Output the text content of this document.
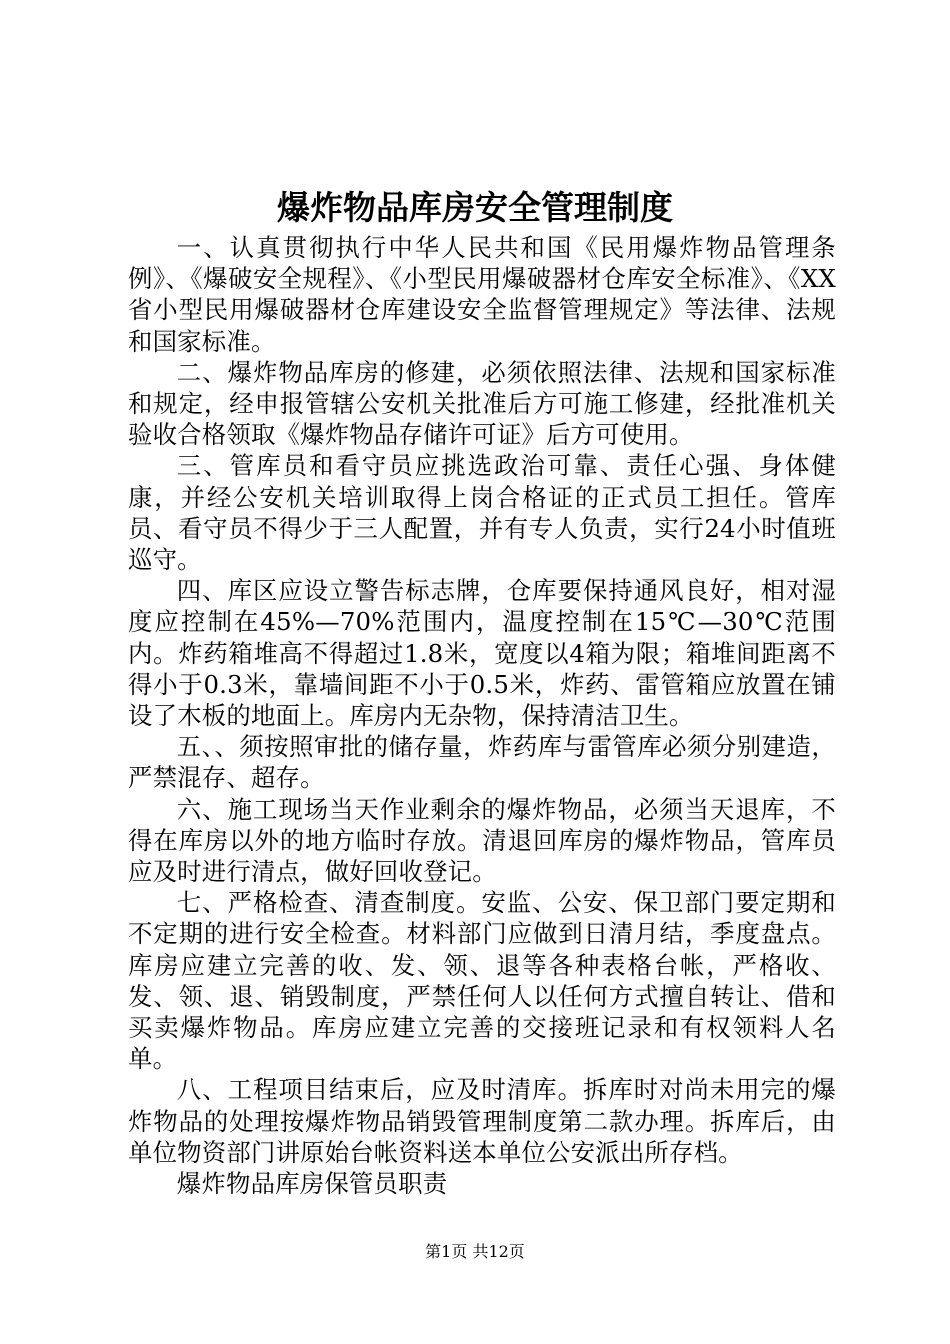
爆炸物品库房安全管理制度

一、认真贯彻执行中华人民共和国《民用爆炸物品管理条例》、《爆破安全规程》、《小型民用爆破器材仓库安全标准》、《XX省小型民用爆破器材仓库建设安全监督管理规定》等法律、法规和国家标准。

二、爆炸物品库房的修建，必须依照法律、法规和国家标准和规定，经申报管辖公安机关批准后方可施工修建，经批准机关验收合格领取《爆炸物品存储许可证》后方可使用。

三、管库员和看守员应挑选政治可靠、责任心强、身体健康，并经公安机关培训取得上岗合格证的正式员工担任。管库员、看守员不得少于三人配置，并有专人负责，实行24小时值班巡守。

四、库区应设立警告标志牌，仓库要保持通风良好，相对湿度应控制在45%—70%范围内，温度控制在15℃—30℃范围内。炸药箱堆高不得超过1.8米，宽度以4箱为限；箱堆间距离不得小于0.3米，靠墙间距不小于0.5米，炸药、雷管箱应放置在铺设了木板的地面上。库房内无杂物，保持清洁卫生。

五、、须按照审批的储存量，炸药库与雷管库必须分别建造，严禁混存、超存。

六、施工现场当天作业剩余的爆炸物品，必须当天退库，不得在库房以外的地方临时存放。清退回库房的爆炸物品，管库员应及时进行清点，做好回收登记。

七、严格检查、清查制度。安监、公安、保卫部门要定期和不定期的进行安全检查。材料部门应做到日清月结，季度盘点。库房应建立完善的收、发、领、退等各种表格台帐，严格收、发、领、退、销毁制度，严禁任何人以任何方式擅自转让、借和买卖爆炸物品。库房应建立完善的交接班记录和有权领料人名单。

八、工程项目结束后，应及时清库。拆库时对尚未用完的爆炸物品的处理按爆炸物品销毁管理制度第二款办理。拆库后，由单位物资部门讲原始台帐资料送本单位公安派出所存档。

爆炸物品库房保管员职责

第1页 共12页
